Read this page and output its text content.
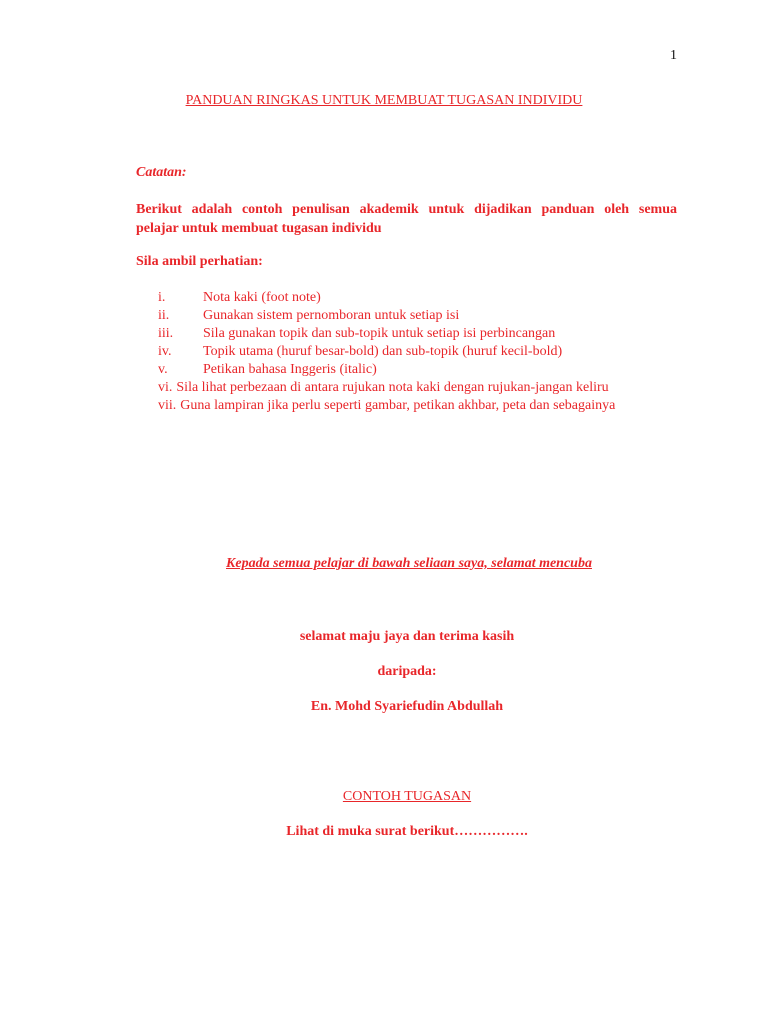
1
PANDUAN RINGKAS UNTUK MEMBUAT TUGASAN INDIVIDU
Catatan:
Berikut adalah contoh penulisan akademik untuk dijadikan panduan oleh semua
pelajar untuk membuat tugasan individu
Sila ambil perhatian:
i.	Nota kaki (foot note)
ii.	Gunakan sistem pernomboran untuk setiap isi
iii.	Sila gunakan topik dan sub-topik untuk setiap isi perbincangan
iv.	Topik utama (huruf besar-bold) dan sub-topik (huruf kecil-bold)
v.	Petikan bahasa Inggeris (italic)
vi. Sila lihat perbezaan di antara rujukan nota kaki dengan rujukan-jangan keliru
vii. Guna lampiran jika perlu seperti gambar, petikan akhbar, peta dan sebagainya
Kepada semua pelajar di bawah seliaan saya, selamat mencuba
selamat maju jaya dan terima kasih
daripada:
En. Mohd Syariefudin Abdullah
CONTOH TUGASAN
Lihat di muka surat berikut…………….
